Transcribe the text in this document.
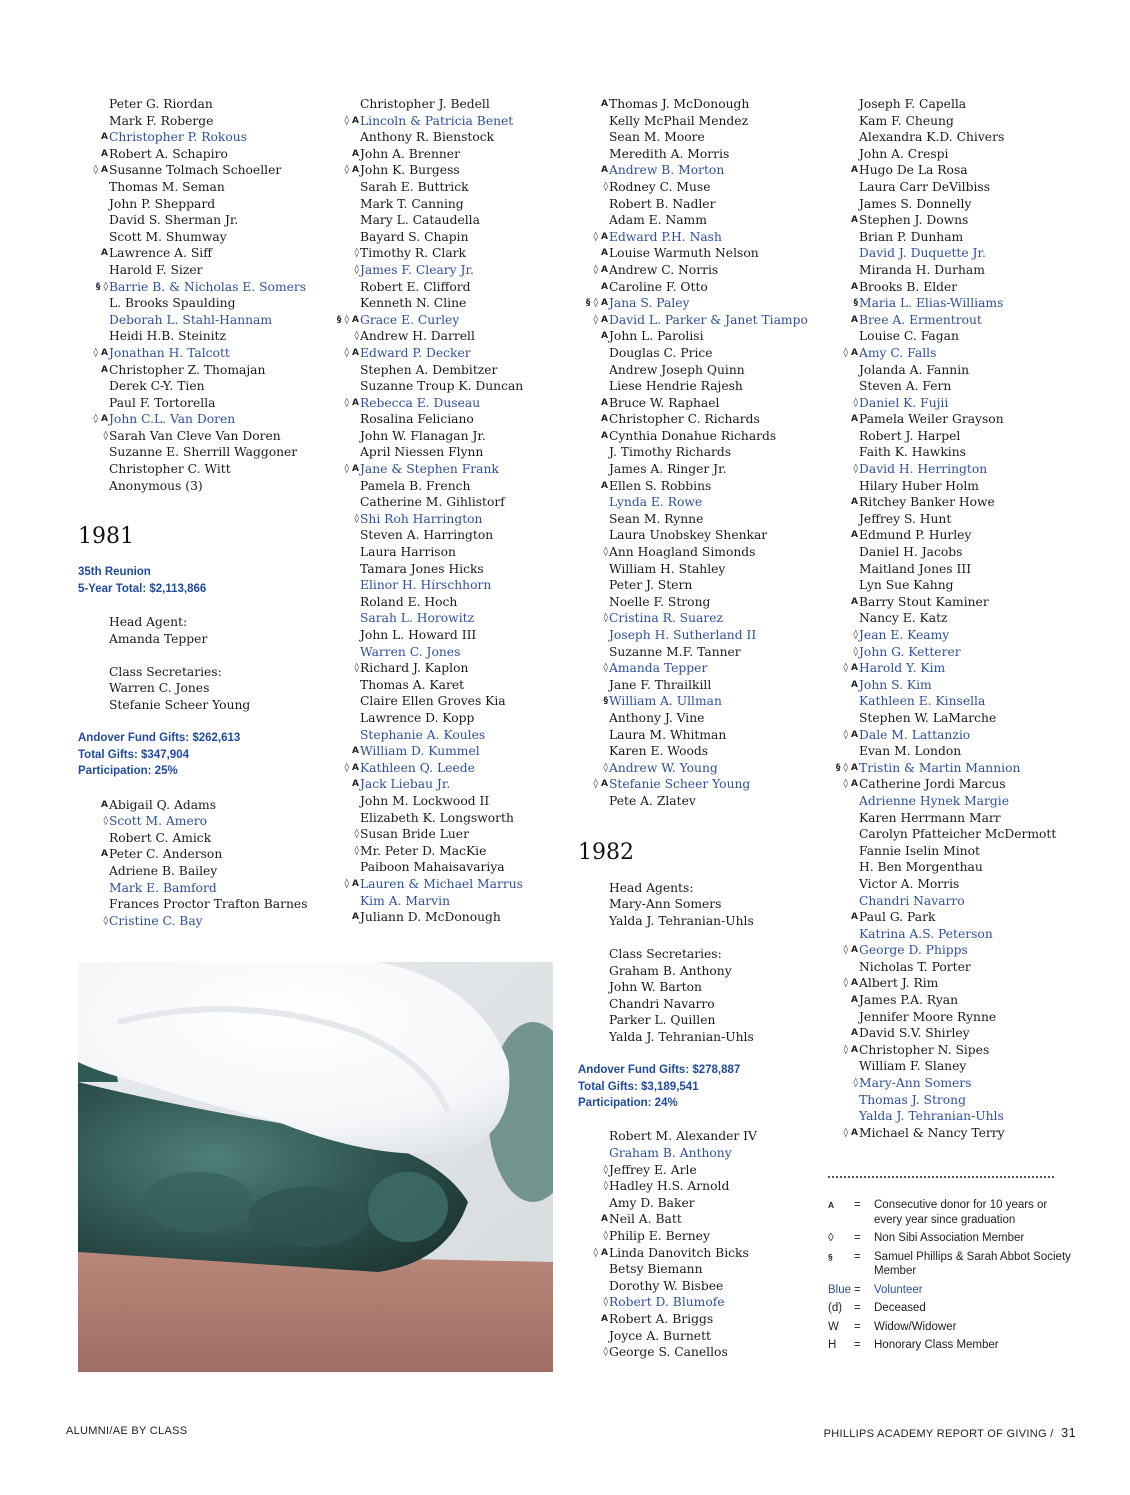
Peter G. Riordan
Mark F. Roberge
A Christopher P. Rokous
A Robert A. Schapiro
◊ A Susanne Tolmach Schoeller
Thomas M. Seman
John P. Sheppard
David S. Sherman Jr.
Scott M. Shumway
A Lawrence A. Siff
Harold F. Sizer
§ ◊ Barrie B. & Nicholas E. Somers
L. Brooks Spaulding
Deborah L. Stahl-Hannam
Heidi H.B. Steinitz
◊ A Jonathan H. Talcott
A Christopher Z. Thomajan
Derek C-Y. Tien
Paul F. Tortorella
◊ A John C.L. Van Doren
◊ Sarah Van Cleve Van Doren
Suzanne E. Sherrill Waggoner
Christopher C. Witt
Anonymous (3)
1981
35th Reunion
5-Year Total: $2,113,866
Head Agent:
Amanda Tepper
Class Secretaries:
Warren C. Jones
Stefanie Scheer Young
Andover Fund Gifts: $262,613
Total Gifts: $347,904
Participation: 25%
A Abigail Q. Adams
◊ Scott M. Amero
Robert C. Amick
A Peter C. Anderson
Adriene B. Bailey
Mark E. Bamford
Frances Proctor Trafton Barnes
◊ Cristine C. Bay
Christopher J. Bedell
◊ A Lincoln & Patricia Benet
Anthony R. Bienstock
A John A. Brenner
◊ A John K. Burgess
Sarah E. Buttrick
Mark T. Canning
Mary L. Cataudella
Bayard S. Chapin
◊ Timothy R. Clark
◊ James F. Cleary Jr.
Robert E. Clifford
Kenneth N. Cline
§ ◊ A Grace E. Curley
◊ Andrew H. Darrell
◊ A Edward P. Decker
Stephen A. Dembitzer
Suzanne Troup K. Duncan
◊ A Rebecca E. Duseau
Rosalina Feliciano
John W. Flanagan Jr.
April Niessen Flynn
◊ A Jane & Stephen Frank
Pamela B. French
Catherine M. Gihlistorf
◊ Shi Roh Harrington
Steven A. Harrington
Laura Harrison
Tamara Jones Hicks
Elinor H. Hirschhorn
Roland E. Hoch
Sarah L. Horowitz
John L. Howard III
Warren C. Jones
◊ Richard J. Kaplon
Thomas A. Karet
Claire Ellen Groves Kia
Lawrence D. Kopp
Stephanie A. Koules
A William D. Kummel
◊ A Kathleen Q. Leede
A Jack Liebau Jr.
John M. Lockwood II
Elizabeth K. Longsworth
◊ Susan Bride Luer
◊ Mr. Peter D. MacKie
Paiboon Mahaisavariya
◊ A Lauren & Michael Marrus
Kim A. Marvin
A Juliann D. McDonough
A Thomas J. McDonough
Kelly McPhail Mendez
Sean M. Moore
Meredith A. Morris
A Andrew B. Morton
◊ Rodney C. Muse
Robert B. Nadler
Adam E. Namm
◊ A Edward P.H. Nash
A Louise Warmuth Nelson
◊ A Andrew C. Norris
A Caroline F. Otto
§ ◊ A Jana S. Paley
◊ A David L. Parker & Janet Tiampo
A John L. Parolisi
Douglas C. Price
Andrew Joseph Quinn
Liese Hendrie Rajesh
A Bruce W. Raphael
A Christopher C. Richards
A Cynthia Donahue Richards
J. Timothy Richards
James A. Ringer Jr.
A Ellen S. Robbins
Lynda E. Rowe
Sean M. Rynne
Laura Unobskey Shenkar
◊ Ann Hoagland Simonds
William H. Stahley
Peter J. Stern
Noelle F. Strong
◊ Cristina R. Suarez
Joseph H. Sutherland II
Suzanne M.F. Tanner
◊ Amanda Tepper
Jane F. Thrailkill
§ William A. Ullman
Anthony J. Vine
Laura M. Whitman
Karen E. Woods
◊ Andrew W. Young
◊ A Stefanie Scheer Young
Pete A. Zlatev
1982
Head Agents:
Mary-Ann Somers
Yalda J. Tehranian-Uhls
Class Secretaries:
Graham B. Anthony
John W. Barton
Chandri Navarro
Parker L. Quillen
Yalda J. Tehranian-Uhls
Andover Fund Gifts: $278,887
Total Gifts: $3,189,541
Participation: 24%
Robert M. Alexander IV
Graham B. Anthony
◊ Jeffrey E. Arle
◊ Hadley H.S. Arnold
Amy D. Baker
A Neil A. Batt
◊ Philip E. Berney
◊ A Linda Danovitch Bicks
Betsy Biemann
Dorothy W. Bisbee
◊ Robert D. Blumofe
A Robert A. Briggs
Joyce A. Burnett
◊ George S. Canellos
Joseph F. Capella
Kam F. Cheung
Alexandra K.D. Chivers
John A. Crespi
A Hugo De La Rosa
Laura Carr DeVilbiss
James S. Donnelly
A Stephen J. Downs
Brian P. Dunham
David J. Duquette Jr.
Miranda H. Durham
A Brooks B. Elder
§ Maria L. Elias-Williams
A Bree A. Ermentrout
Louise C. Fagan
◊ A Amy C. Falls
Jolanda A. Fannin
Steven A. Fern
◊ Daniel K. Fujii
A Pamela Weiler Grayson
Robert J. Harpel
Faith K. Hawkins
◊ David H. Herrington
Hilary Huber Holm
A Ritchey Banker Howe
Jeffrey S. Hunt
A Edmund P. Hurley
Daniel H. Jacobs
Maitland Jones III
Lyn Sue Kahng
A Barry Stout Kaminer
Nancy E. Katz
◊ Jean E. Keamy
◊ John G. Ketterer
◊ A Harold Y. Kim
A John S. Kim
Kathleen E. Kinsella
Stephen W. LaMarche
◊ A Dale M. Lattanzio
Evan M. London
§ ◊ A Tristin & Martin Mannion
◊ A Catherine Jordi Marcus
Adrienne Hynek Margie
Karen Herrmann Marr
Carolyn Pfatteicher McDermott
Fannie Iselin Minot
H. Ben Morgenthau
Victor A. Morris
Chandri Navarro
A Paul G. Park
Katrina A.S. Peterson
◊ A George D. Phipps
Nicholas T. Porter
◊ A Albert J. Rim
A James P.A. Ryan
Jennifer Moore Rynne
A David S.V. Shirley
◊ A Christopher N. Sipes
William F. Slaney
◊ Mary-Ann Somers
Thomas J. Strong
Yalda J. Tehranian-Uhls
◊ A Michael & Nancy Terry
A	= Consecutive donor for 10 years or every year since graduation
◊	= Non Sibi Association Member
§	= Samuel Phillips & Sarah Abbot Society Member
Blue = Volunteer
(d)	= Deceased
W	= Widow/Widower
H	= Honorary Class Member
ALUMNI/AE BY CLASS	PHILLIPS ACADEMY REPORT OF GIVING / 31
